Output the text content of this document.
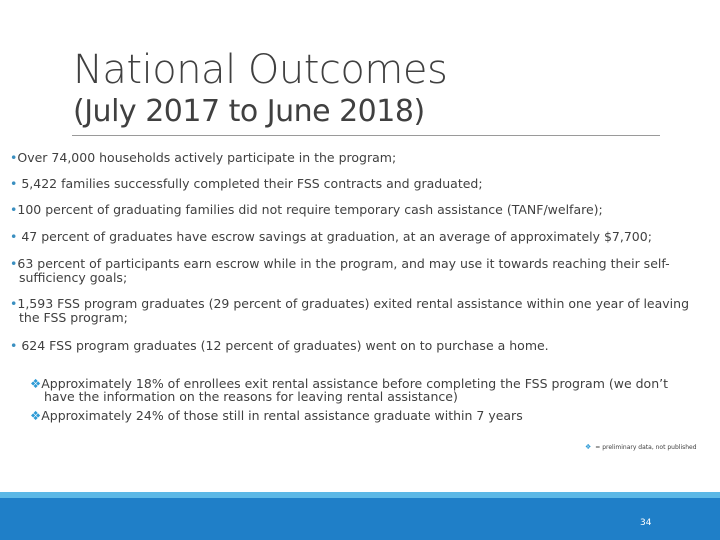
National Outcomes
(July 2017 to June 2018)
•Over 74,000 households actively participate in the program;
• 5,422 families successfully completed their FSS contracts and graduated;
•100 percent of graduating families did not require temporary cash assistance (TANF/welfare);
• 47 percent of graduates have escrow savings at graduation, at an average of approximately $7,700;
•63 percent of participants earn escrow while in the program, and may use it towards reaching their self-sufficiency goals;
•1,593 FSS program graduates (29 percent of graduates) exited rental assistance within one year of leaving the FSS program;
• 624 FSS program graduates (12 percent of graduates) went on to purchase a home.
❖Approximately 18% of enrollees exit rental assistance before completing the FSS program (we don’t have the information on the reasons for leaving rental assistance)
❖Approximately 24% of those still in rental assistance graduate within 7 years
❖ = preliminary data, not published
34
